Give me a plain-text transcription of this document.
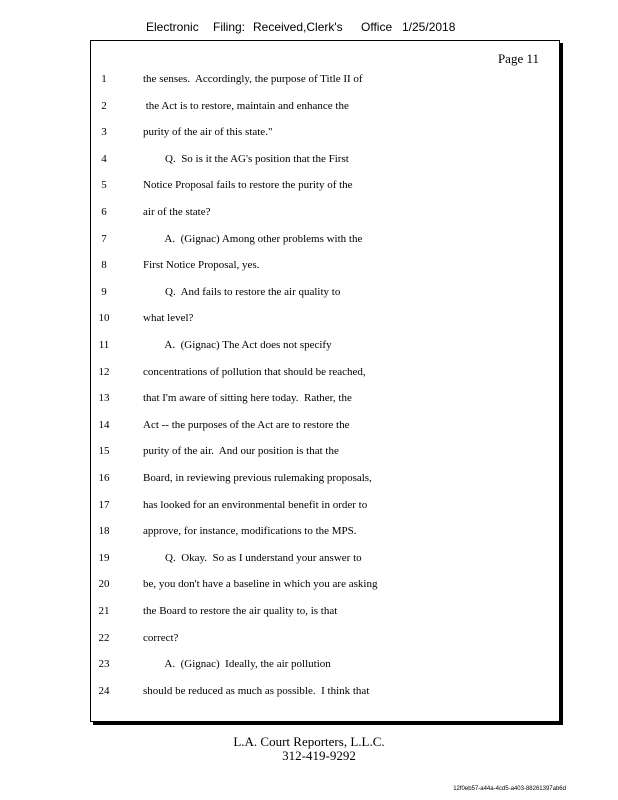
Electronic Filing: Received,Clerk's Office 1/25/2018
Page 11
1	the senses.  Accordingly, the purpose of Title II of
2	the Act is to restore, maintain and enhance the
3	purity of the air of this state."
4	Q.  So is it the AG's position that the First
5	Notice Proposal fails to restore the purity of the
6	air of the state?
7	A.  (Gignac) Among other problems with the
8	First Notice Proposal, yes.
9	Q.  And fails to restore the air quality to
10	what level?
11	A.  (Gignac) The Act does not specify
12	concentrations of pollution that should be reached,
13	that I'm aware of sitting here today.  Rather, the
14	Act -- the purposes of the Act are to restore the
15	purity of the air.  And our position is that the
16	Board, in reviewing previous rulemaking proposals,
17	has looked for an environmental benefit in order to
18	approve, for instance, modifications to the MPS.
19	Q.  Okay.  So as I understand your answer to
20	be, you don't have a baseline in which you are asking
21	the Board to restore the air quality to, is that
22	correct?
23	A.  (Gignac)  Ideally, the air pollution
24	should be reduced as much as possible.  I think that
L.A. Court Reporters, L.L.C.
312-419-9292
12f0eb57-a44a-4cd5-a403-88261397ab6d
